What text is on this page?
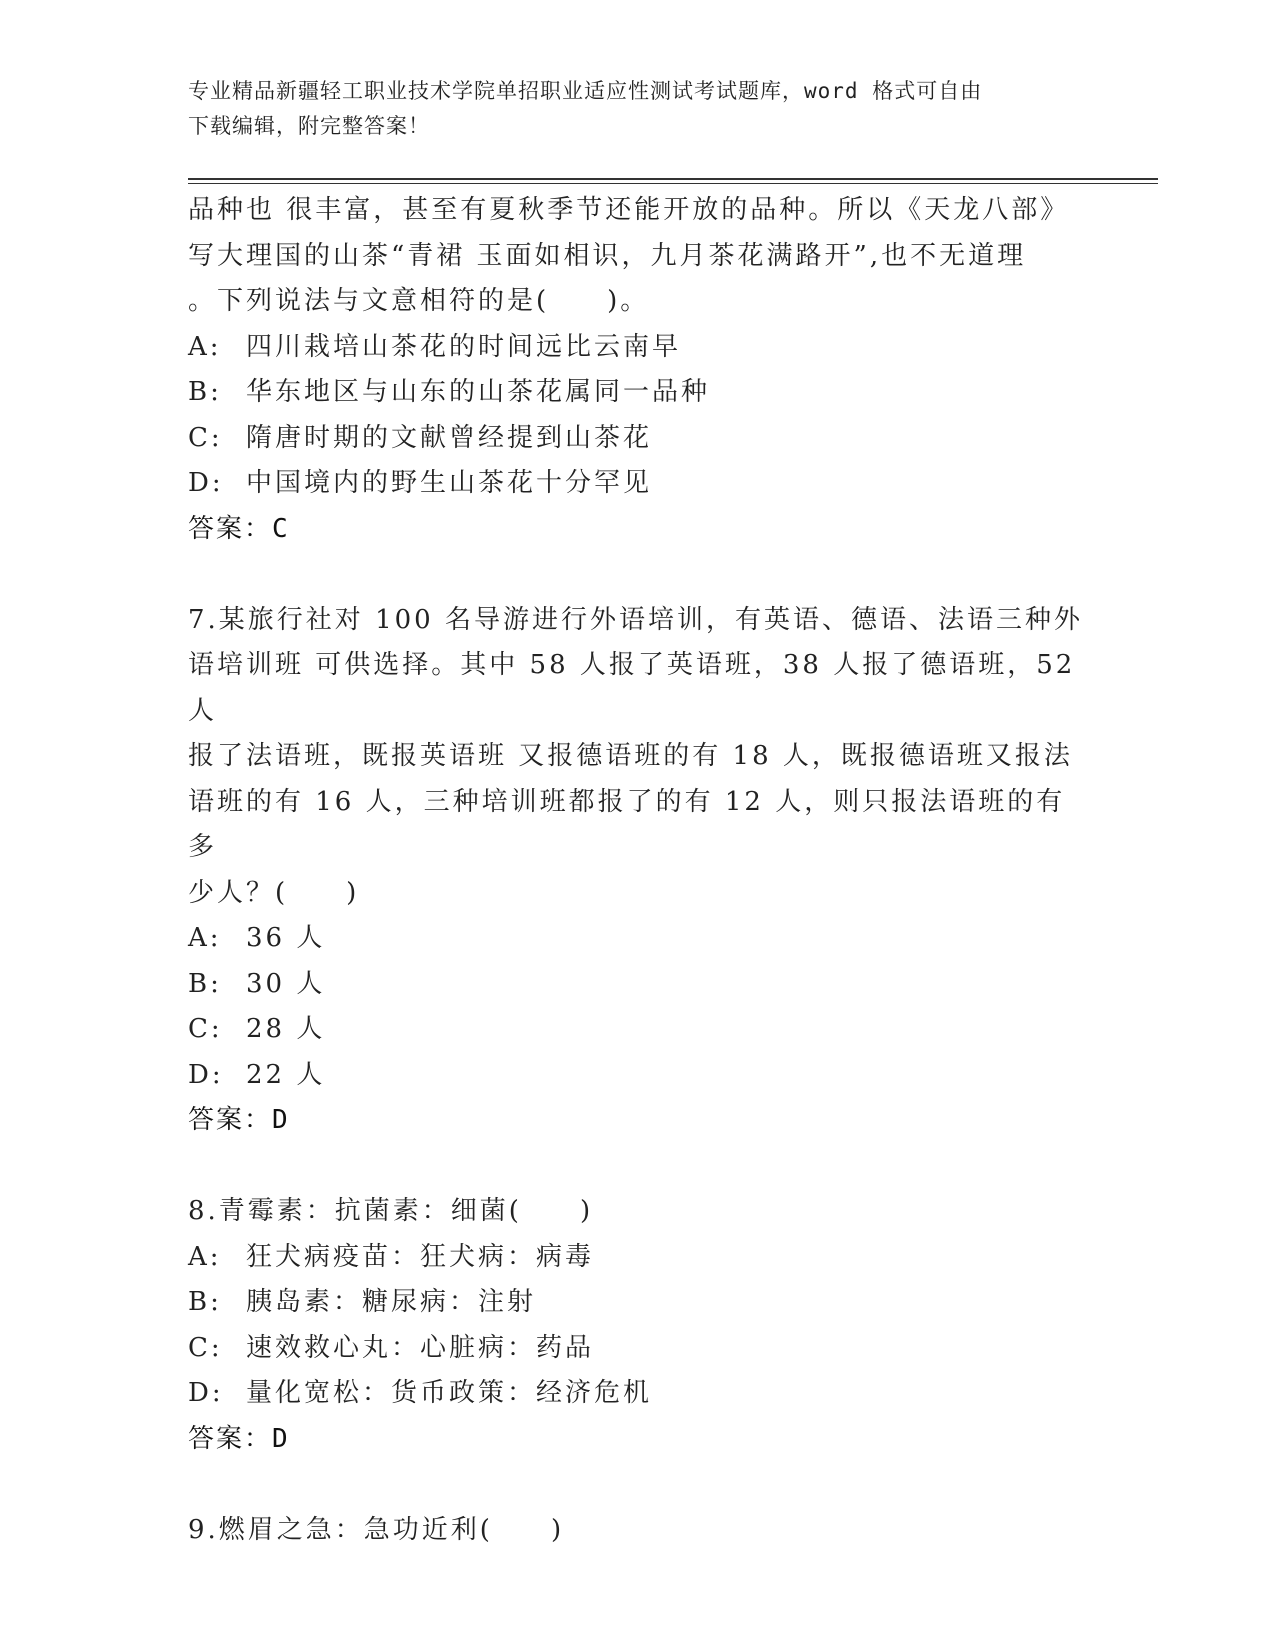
专业精品新疆轻工职业技术学院单招职业适应性测试考试题库，word 格式可自由
下载编辑，附完整答案！

品种也 很丰富，甚至有夏秋季节还能开放的品种。所以《天龙八部》

写大理国的山茶“青裙 玉面如相识，九月茶花满路开”,也不无道理

。下列说法与文意相符的是(　　)。

A: 四川栽培山茶花的时间远比云南早
B: 华东地区与山东的山茶花属同一品种
C: 隋唐时期的文献曾经提到山茶花
D: 中国境内的野生山茶花十分罕见

答案：C

7.某旅行社对 100 名导游进行外语培训，有英语、德语、法语三种外

语培训班 可供选择。其中 58 人报了英语班，38 人报了德语班，52 人

报了法语班，既报英语班 又报德语班的有 18 人，既报德语班又报法

语班的有 16 人，三种培训班都报了的有 12 人，则只报法语班的有多

少人？(　　)

A: 36 人
B: 30 人
C: 28 人
D: 22 人

答案：D

8.青霉素：抗菌素：细菌(　　)

A: 狂犬病疫苗：狂犬病：病毒
B: 胰岛素：糖尿病：注射
C: 速效救心丸：心脏病：药品
D: 量化宽松：货币政策：经济危机

答案：D

9.燃眉之急：急功近利(　　)
